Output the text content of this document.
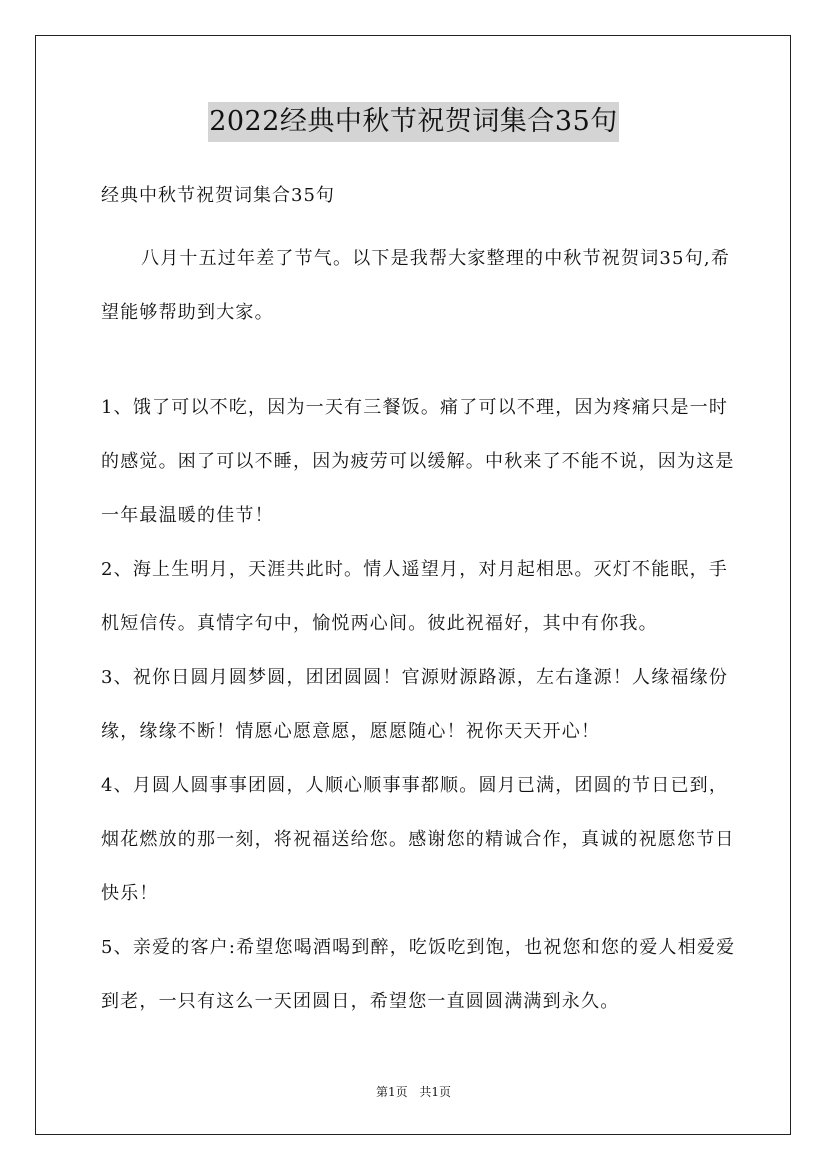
2022经典中秋节祝贺词集合35句
经典中秋节祝贺词集合35句
八月十五过年差了节气。以下是我帮大家整理的中秋节祝贺词35句,希望能够帮助到大家。

1、饿了可以不吃，因为一天有三餐饭。痛了可以不理，因为疼痛只是一时的感觉。困了可以不睡，因为疲劳可以缓解。中秋来了不能不说，因为这是一年最温暖的佳节！

2、海上生明月，天涯共此时。情人遥望月，对月起相思。灭灯不能眠，手机短信传。真情字句中，愉悦两心间。彼此祝福好，其中有你我。

3、祝你日圆月圆梦圆，团团圆圆！官源财源路源，左右逢源！人缘福缘份缘，缘缘不断！情愿心愿意愿，愿愿随心！祝你天天开心！

4、月圆人圆事事团圆，人顺心顺事事都顺。圆月已满，团圆的节日已到，烟花燃放的那一刻，将祝福送给您。感谢您的精诚合作，真诚的祝愿您节日快乐！

5、亲爱的客户:希望您喝酒喝到醉，吃饭吃到饱，也祝您和您的爱人相爱爱到老，一只有这么一天团圆日，希望您一直圆圆满满到永久。

第1页 共1页
